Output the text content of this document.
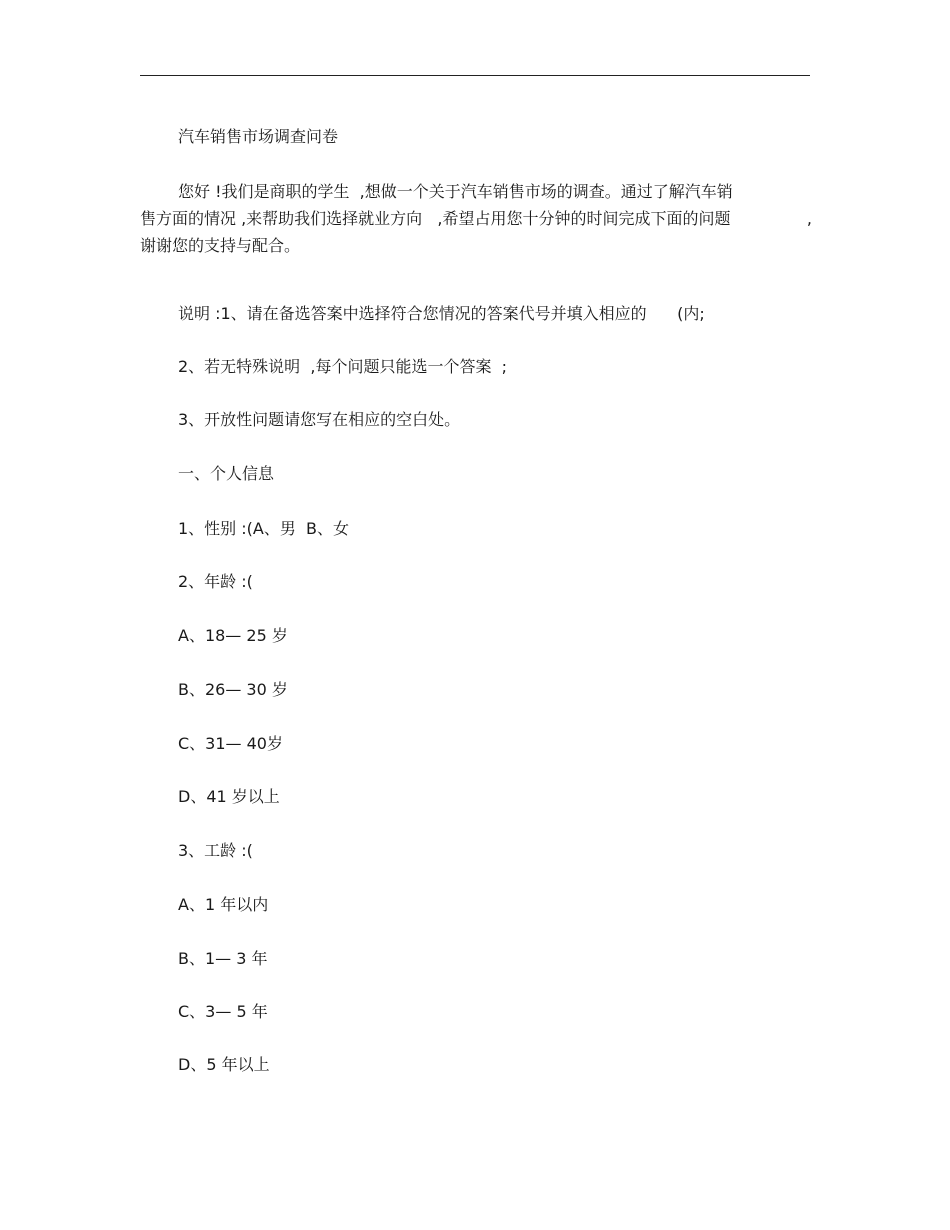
汽车销售市场调查问卷
您好 !我们是商职的学生  ,想做一个关于汽车销售市场的调查。通过了解汽车销
售方面的情况 ,来帮助我们选择就业方向   ,希望占用您十分钟的时间完成下面的问题	,
谢谢您的支持与配合。
说明 :1、请在备选答案中选择符合您情况的答案代号并填入相应的      (内;
2、若无特殊说明  ,每个问题只能选一个答案  ;
3、开放性问题请您写在相应的空白处。
一、个人信息
1、性别 :(A、男  B、女
2、年龄 :(
A、18— 25 岁
B、26— 30 岁
C、31— 40岁
D、41 岁以上
3、工龄 :(
A、1 年以内
B、1— 3 年
C、3— 5 年
D、5 年以上
